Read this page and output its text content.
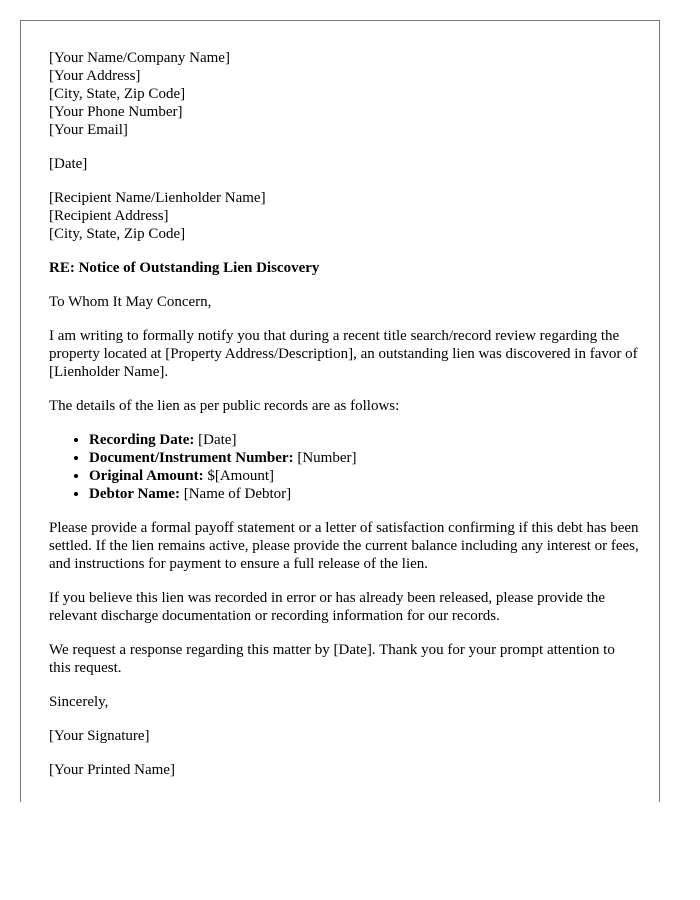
[Your Name/Company Name]
[Your Address]
[City, State, Zip Code]
[Your Phone Number]
[Your Email]
[Date]
[Recipient Name/Lienholder Name]
[Recipient Address]
[City, State, Zip Code]
RE: Notice of Outstanding Lien Discovery

To Whom It May Concern,

I am writing to formally notify you that during a recent title search/record review regarding the property located at [Property Address/Description], an outstanding lien was discovered in favor of [Lienholder Name].

The details of the lien as per public records are as follows:

• Recording Date: [Date]
• Document/Instrument Number: [Number]
• Original Amount: $[Amount]
• Debtor Name: [Name of Debtor]

Please provide a formal payoff statement or a letter of satisfaction confirming if this debt has been settled. If the lien remains active, please provide the current balance including any interest or fees, and instructions for payment to ensure a full release of the lien.

If you believe this lien was recorded in error or has already been released, please provide the relevant discharge documentation or recording information for our records.

We request a response regarding this matter by [Date]. Thank you for your prompt attention to this request.

Sincerely,

[Your Signature]

[Your Printed Name]
